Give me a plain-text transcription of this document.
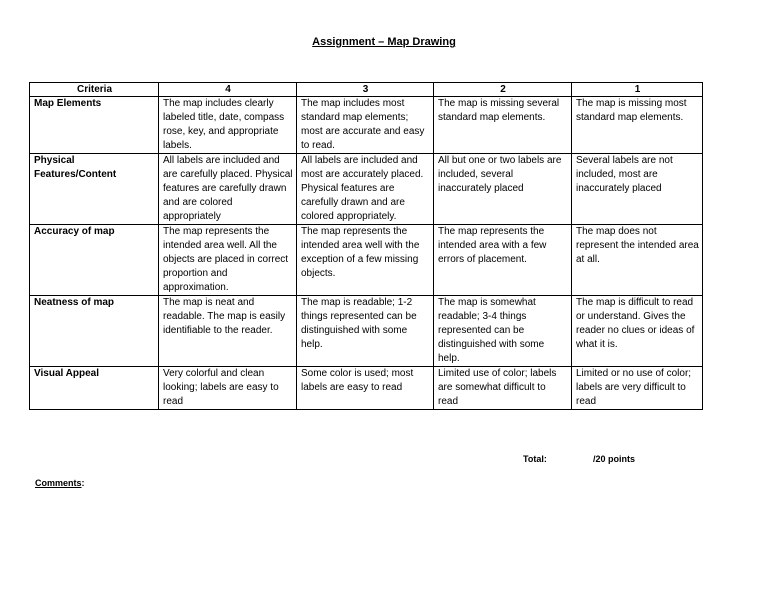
Assignment – Map Drawing
Criteria	4	3	2	1
Map Elements	The map includes clearly labeled title, date, compass rose, key, and appropriate labels.	The map includes most standard map elements; most are accurate and easy to read.	The map is missing several standard map elements.	The map is missing most standard map elements.
Physical Features/Content	All labels are included and are carefully placed. Physical features are carefully drawn and are colored appropriately	All labels are included and most are accurately placed. Physical features are carefully drawn and are colored appropriately.	All but one or two labels are included, several inaccurately placed	Several labels are not included, most are inaccurately placed
Accuracy of map	The map represents the intended area well. All the objects are placed in correct proportion and approximation.	The map represents the intended area well with the exception of a few missing objects.	The map represents the intended area with a few errors of placement.	The map does not represent the intended area at all.
Neatness of map	The map is neat and readable. The map is easily identifiable to the reader.	The map is readable; 1-2 things represented can be distinguished with some help.	The map is somewhat readable; 3-4 things represented can be distinguished with some help.	The map is difficult to read or understand. Gives the reader no clues or ideas of what it is.
Visual Appeal	Very colorful and clean looking; labels are easy to read	Some color is used; most labels are easy to read	Limited use of color; labels are somewhat difficult to read	Limited or no use of color; labels are very difficult to read
Total:	/20 points
Comments:
